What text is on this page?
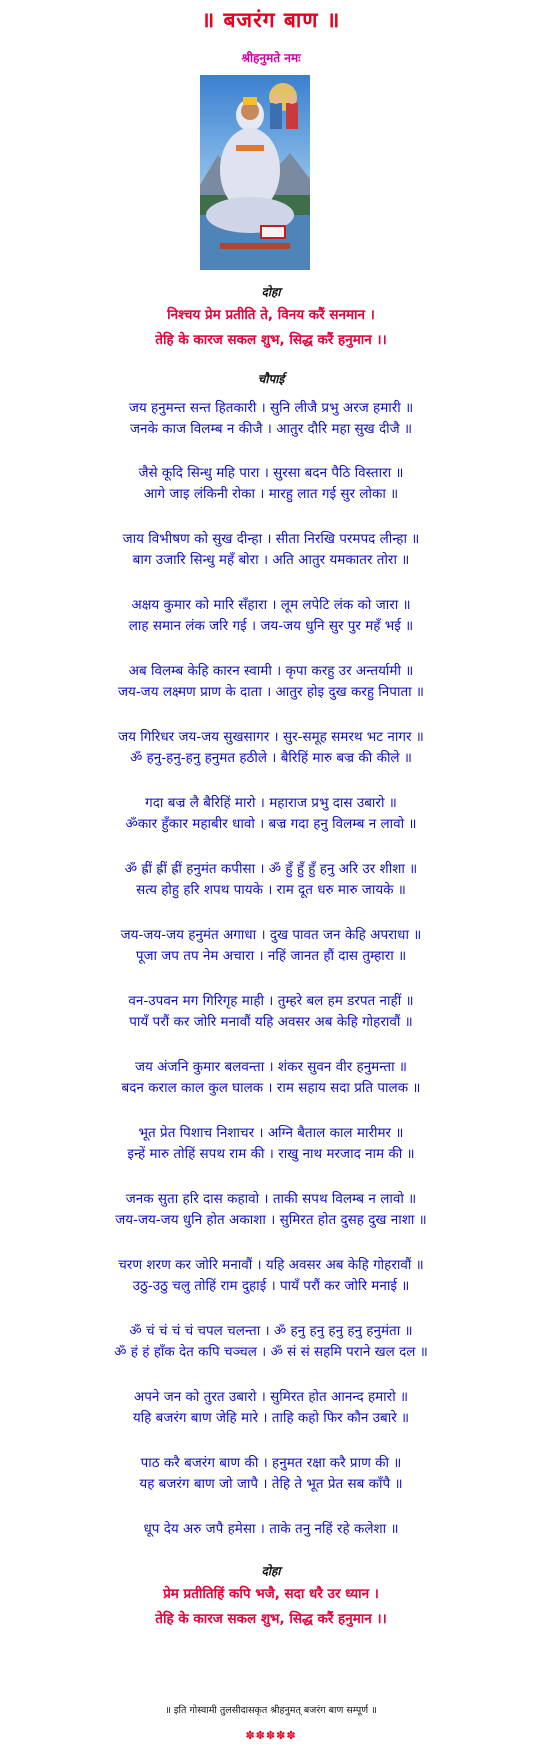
॥ बजरंग बाण ॥
श्रीहनुमते नमः
दोहा
निश्चय प्रेम प्रतीति ते, विनय करैं सनमान ।
तेहि के कारज सकल शुभ, सिद्ध करैं हनुमान ।।
चौपाई
जय हनुमन्त सन्त हितकारी । सुनि लीजै प्रभु अरज हमारी ॥
जनके काज विलम्ब न कीजै । आतुर दौरि महा सुख दीजै ॥
जैसे कूदि सिन्धु महि पारा । सुरसा बदन पैठि विस्तारा ॥
आगे जाइ लंकिनी रोका । मारहु लात गई सुर लोका ॥
जाय विभीषण को सुख दीन्हा । सीता निरखि परमपद लीन्हा ॥
बाग उजारि सिन्धु महँ बोरा । अति आतुर यमकातर तोरा ॥
अक्षय कुमार को मारि सँहारा । लूम लपेटि लंक को जारा ॥
लाह समान लंक जरि गई । जय-जय धुनि सुर पुर महँ भई ॥
अब विलम्ब केहि कारन स्वामी । कृपा करहु उर अन्तर्यामी ॥
जय-जय लक्ष्मण प्राण के दाता । आतुर होइ दुख करहु निपाता ॥
जय गिरिधर जय-जय सुखसागर । सुर-समूह समरथ भट नागर ॥
ॐ हनु-हनु-हनु हनुमत हठीले । बैरिहिं मारु बज्र की कीले ॥
गदा बज्र लै बैरिहिं मारो । महाराज प्रभु दास उबारो ॥
ॐकार हुँकार महाबीर धावो । बज्र गदा हनु विलम्ब न लावो ॥
ॐ ह्रीं ह्रीं ह्रीं हनुमंत कपीसा । ॐ हुँ हुँ हुँ हनु अरि उर शीशा ॥
सत्य होहु हरि शपथ पायके । राम दूत धरु मारु जायके ॥
जय-जय-जय हनुमंत अगाधा । दुख पावत जन केहि अपराधा ॥
पूजा जप तप नेम अचारा । नहिं जानत हौं दास तुम्हारा ॥
वन-उपवन मग गिरिगृह माही । तुम्हरे बल हम डरपत नाहीं ॥
पायँ परौं कर जोरि मनावौं यहि अवसर अब केहि गोहरावौं ॥
जय अंजनि कुमार बलवन्ता । शंकर सुवन वीर हनुमन्ता ॥
बदन कराल काल कुल घालक । राम सहाय सदा प्रति पालक ॥
भूत प्रेत पिशाच निशाचर । अग्नि बैताल काल मारीमर ॥
इन्हें मारु तोहिं सपथ राम की । राखु नाथ मरजाद नाम की ॥
जनक सुता हरि दास कहावो । ताकी सपथ विलम्ब न लावो ॥
जय-जय-जय धुनि होत अकाशा । सुमिरत होत दुसह दुख नाशा ॥
चरण शरण कर जोरि मनावौं । यहि अवसर अब केहि गोहरावौं ॥
उठु-उठु चलु तोहिं राम दुहाई । पायँ परौं कर जोरि मनाई ॥
ॐ चं चं चं चं चपल चलन्ता । ॐ हनु हनु हनु हनु हनुमंता ॥
ॐ हं हं हाँक देत कपि चञ्चल । ॐ सं सं सहमि पराने खल दल ॥
अपने जन को तुरत उबारो । सुमिरत होत आनन्द हमारो ॥
यहि बजरंग बाण जेहि मारे । ताहि कहो फिर कौन उबारे ॥
पाठ करै बजरंग बाण की । हनुमत रक्षा करै प्राण की ॥
यह बजरंग बाण जो जापै । तेहि ते भूत प्रेत सब काँपै ॥
धूप देय अरु जपै हमेसा । ताके तनु नहिं रहे कलेशा ॥
दोहा
प्रेम प्रतीतिहिं कपि भजै, सदा धरै उर ध्यान ।
तेहि के कारज सकल शुभ, सिद्ध करैं हनुमान ।।
॥ इति गोस्वामी तुलसीदासकृत श्रीहनुमत् बजरंग बाण सम्पूर्ण ॥
✽✽✽✽✽
